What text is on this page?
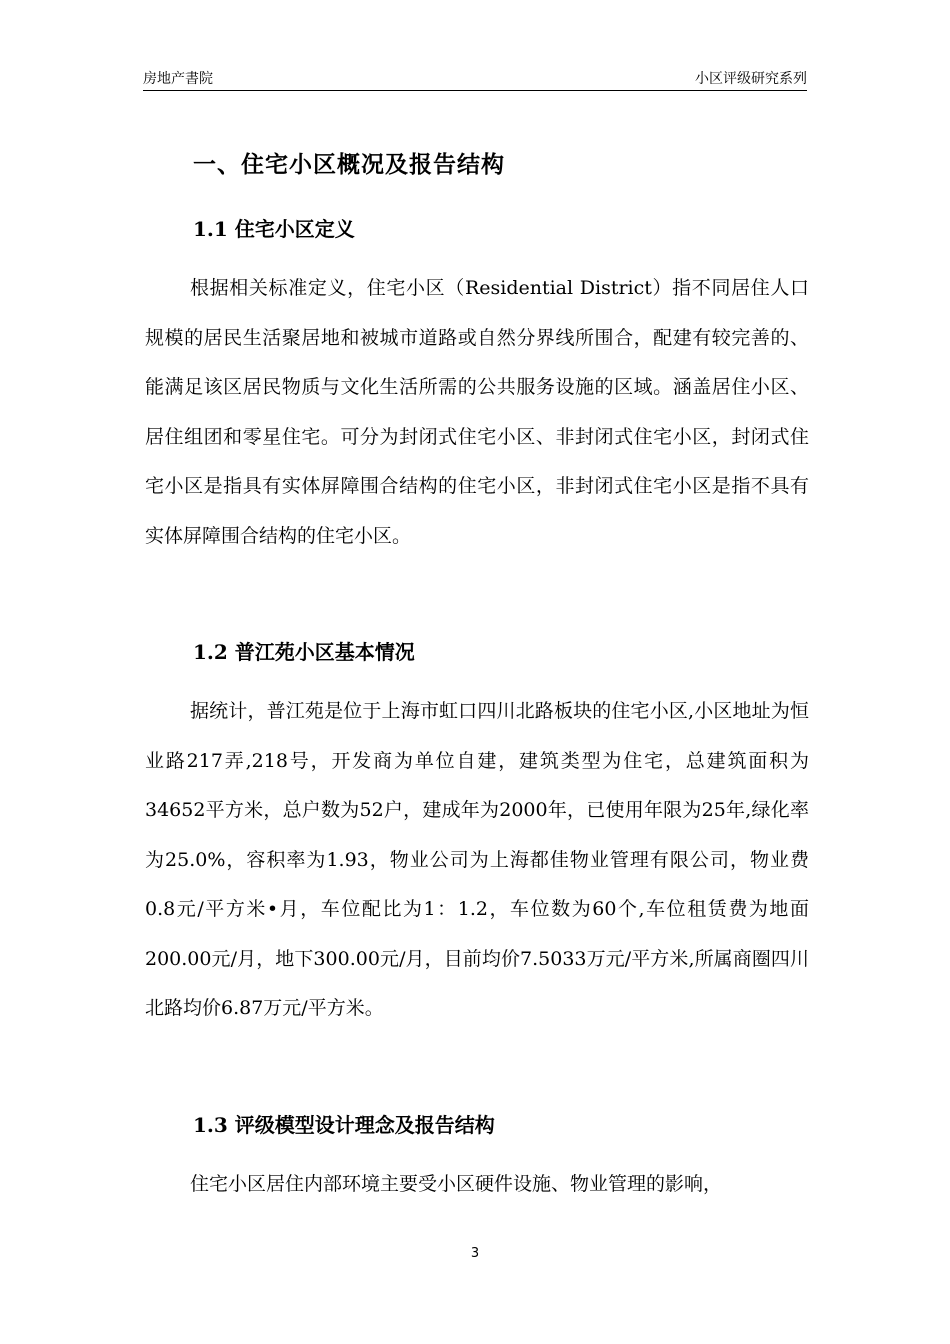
房地产書院	小区评级研究系列
一、住宅小区概况及报告结构
1.1 住宅小区定义

根据相关标准定义，住宅小区（Residential District）指不同居住人口规模的居民生活聚居地和被城市道路或自然分界线所围合，配建有较完善的、能满足该区居民物质与文化生活所需的公共服务设施的区域。涵盖居住小区、居住组团和零星住宅。可分为封闭式住宅小区、非封闭式住宅小区，封闭式住宅小区是指具有实体屏障围合结构的住宅小区，非封闭式住宅小区是指不具有实体屏障围合结构的住宅小区。

1.2 普江苑小区基本情况

据统计，普江苑是位于上海市虹口四川北路板块的住宅小区,小区地址为恒业路217弄,218号，开发商为单位自建，建筑类型为住宅，总建筑面积为34652平方米，总户数为52户，建成年为2000年，已使用年限为25年,绿化率为25.0%，容积率为1.93，物业公司为上海都佳物业管理有限公司，物业费 0.8元/平方米•月，车位配比为1：1.2，车位数为60个,车位租赁费为地面200.00元/月，地下300.00元/月，目前均价7.5033万元/平方米,所属商圈四川北路均价6.87万元/平方米。

1.3 评级模型设计理念及报告结构

住宅小区居住内部环境主要受小区硬件设施、物业管理的影响，

3
